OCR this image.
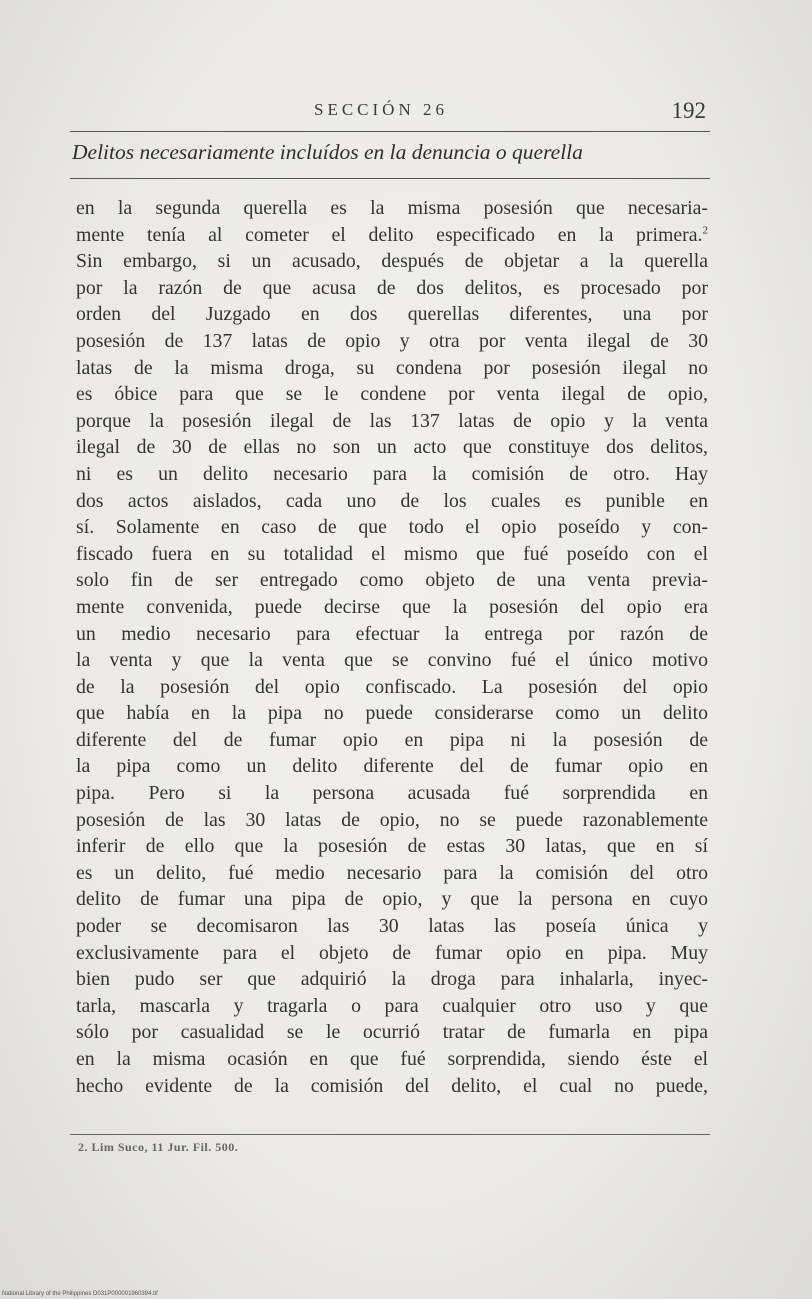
SECCIÓN 26	192
Delitos necesariamente incluídos en la denuncia o querella
en la segunda querella es la misma posesión que necesaria-
mente tenía al cometer el delito especificado en la primera.$^2$
Sin embargo, si un acusado, después de objetar a la querella
por la razón de que acusa de dos delitos, es procesado por
orden del Juzgado en dos querellas diferentes, una por
posesión de 137 latas de opio y otra por venta ilegal de 30
latas de la misma droga, su condena por posesión ilegal no
es óbice para que se le condene por venta ilegal de opio,
porque la posesión ilegal de las 137 latas de opio y la venta
ilegal de 30 de ellas no son un acto que constituye dos delitos,
ni es un delito necesario para la comisión de otro. Hay
dos actos aislados, cada uno de los cuales es punible en
sí. Solamente en caso de que todo el opio poseído y con-
fiscado fuera en su totalidad el mismo que fué poseído con el
solo fin de ser entregado como objeto de una venta previa-
mente convenida, puede decirse que la posesión del opio era
un medio necesario para efectuar la entrega por razón de
la venta y que la venta que se convino fué el único motivo
de la posesión del opio confiscado. La posesión del opio
que había en la pipa no puede considerarse como un delito
diferente del de fumar opio en pipa ni la posesión de
la pipa como un delito diferente del de fumar opio en
pipa. Pero si la persona acusada fué sorprendida en
posesión de las 30 latas de opio, no se puede razonablemente
inferir de ello que la posesión de estas 30 latas, que en sí
es un delito, fué medio necesario para la comisión del otro
delito de fumar una pipa de opio, y que la persona en cuyo
poder se decomisaron las 30 latas las poseía única y
exclusivamente para el objeto de fumar opio en pipa. Muy
bien pudo ser que adquirió la droga para inhalarla, inyec-
tarla, mascarla y tragarla o para cualquier otro uso y que
sólo por casualidad se le ocurrió tratar de fumarla en pipa
en la misma ocasión en que fué sorprendida, siendo éste el
hecho evidente de la comisión del delito, el cual no puede,
2. Lim Suco, 11 Jur. Fil. 500.
National Library of the Philippines D031P000001960394.tif
